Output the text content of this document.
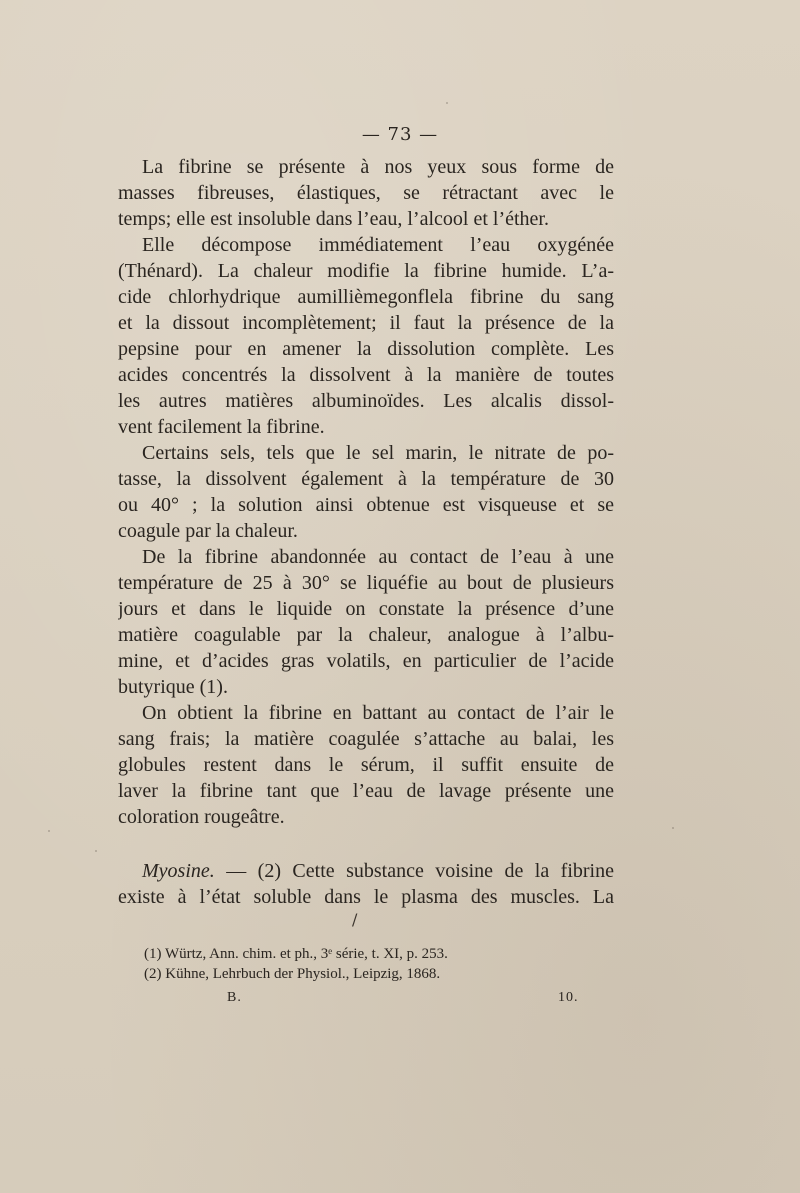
— 73 —
La fibrine se présente à nos yeux sous forme de
masses fibreuses, élastiques, se rétractant avec le
temps; elle est insoluble dans l’eau, l’alcool et l’éther.
Elle décompose immédiatement l’eau oxygénée
(Thénard). La chaleur modifie la fibrine humide. L’a-
cide chlorhydrique aumillièmegonflela fibrine du sang
et la dissout incomplètement; il faut la présence de la
pepsine pour en amener la dissolution complète. Les
acides concentrés la dissolvent à la manière de toutes
les autres matières albuminoïdes. Les alcalis dissol-
vent facilement la fibrine.
Certains sels, tels que le sel marin, le nitrate de po-
tasse, la dissolvent également à la température de 30
ou 40° ; la solution ainsi obtenue est visqueuse et se
coagule par la chaleur.
De la fibrine abandonnée au contact de l’eau à une
température de 25 à 30° se liquéfie au bout de plusieurs
jours et dans le liquide on constate la présence d’une
matière coagulable par la chaleur, analogue à l’albu-
mine, et d’acides gras volatils, en particulier de l’acide
butyrique (1).
On obtient la fibrine en battant au contact de l’air le
sang frais; la matière coagulée s’attache au balai, les
globules restent dans le sérum, il suffit ensuite de
laver la fibrine tant que l’eau de lavage présente une
coloration rougeâtre.
Myosine. — (2) Cette substance voisine de la fibrine
existe à l’état soluble dans le plasma des muscles. La
/
(1) Würtz, Ann. chim. et ph., 3ᵉ série, t. XI, p. 253.
(2) Kühne, Lehrbuch der Physiol., Leipzig, 1868.
B.	10.
